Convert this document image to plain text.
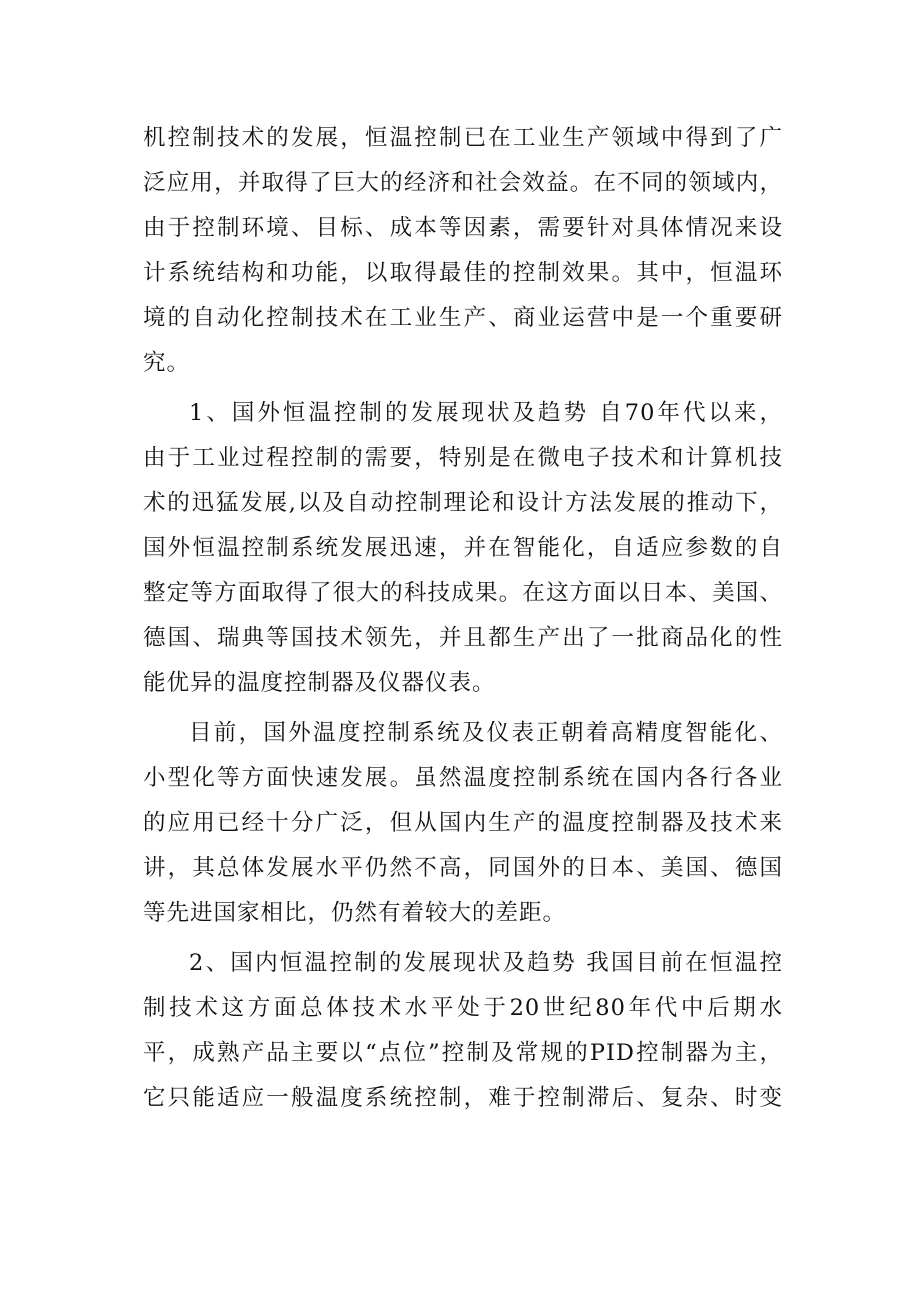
机控制技术的发展，恒温控制已在工业生产领域中得到了广
泛应用，并取得了巨大的经济和社会效益。在不同的领域内，
由于控制环境、目标、成本等因素，需要针对具体情况来设
计系统结构和功能，以取得最佳的控制效果。其中，恒温环
境的自动化控制技术在工业生产、商业运营中是一个重要研
究。
1、国外恒温控制的发展现状及趋势 自70年代以来，
由于工业过程控制的需要，特别是在微电子技术和计算机技
术的迅猛发展,以及自动控制理论和设计方法发展的推动下，
国外恒温控制系统发展迅速，并在智能化，自适应参数的自
整定等方面取得了很大的科技成果。在这方面以日本、美国、
德国、瑞典等国技术领先，并且都生产出了一批商品化的性
能优异的温度控制器及仪器仪表。
目前，国外温度控制系统及仪表正朝着高精度智能化、
小型化等方面快速发展。虽然温度控制系统在国内各行各业
的应用已经十分广泛，但从国内生产的温度控制器及技术来
讲，其总体发展水平仍然不高，同国外的日本、美国、德国
等先进国家相比，仍然有着较大的差距。
2、国内恒温控制的发展现状及趋势 我国目前在恒温控
制技术这方面总体技术水平处于20世纪80年代中后期水
平，成熟产品主要以“点位”控制及常规的PID控制器为主，
它只能适应一般温度系统控制，难于控制滞后、复杂、时变
